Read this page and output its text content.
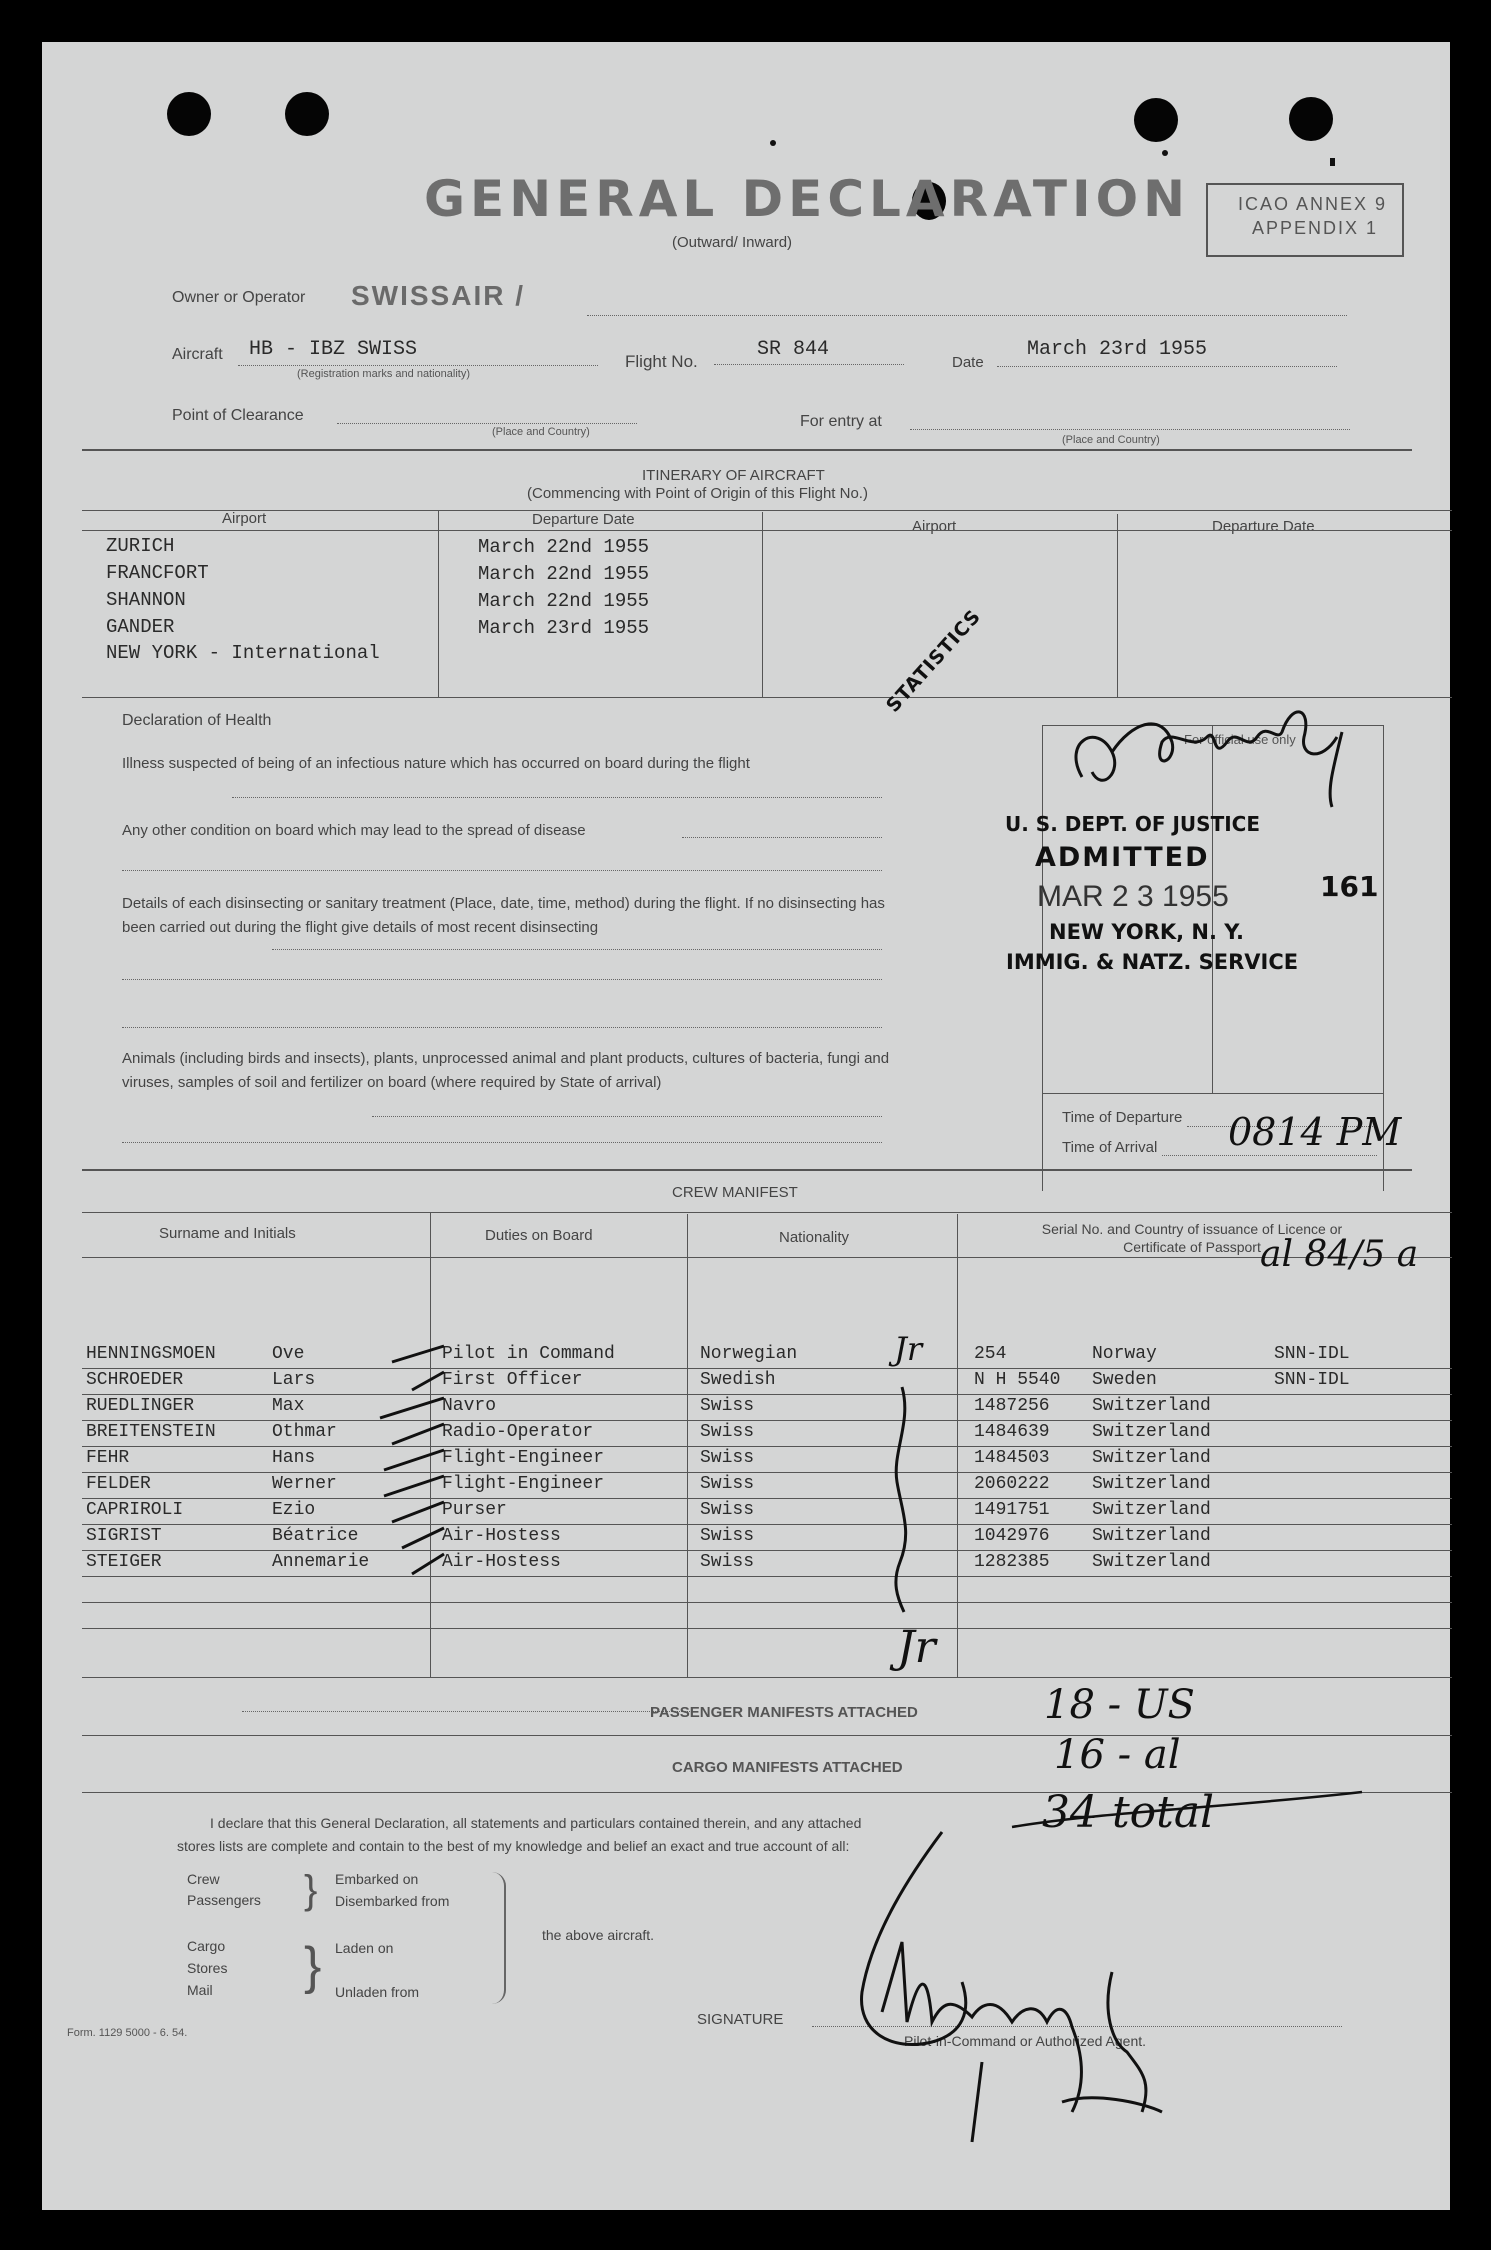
GENERAL DECLARATION
(Outward/ Inward)
ICAO ANNEX 9
APPENDIX 1
Owner or Operator SWISSAIR /
Aircraft HB - IBZ SWISS
(Registration marks and nationality)
Flight No.
SR 844
Date
March 23rd 1955
Point of Clearance
(Place and Country)
For entry at
(Place and Country)
ITINERARY OF AIRCRAFT
(Commencing with Point of Origin of this Flight No.)
Airport	Departure Date	Airport	Departure Date
ZURICH	March 22nd 1955
FRANCFORT	March 22nd 1955
SHANNON	March 22nd 1955
GANDER	March 23rd 1955
NEW YORK - International	STATISTICS
Declaration of Health
Illness suspected of being of an infectious nature which has occurred on board during the flight
Any other condition on board which may lead to the spread of disease
Details of each disinsecting or sanitary treatment (Place, date, time, method) during the flight. If no disinsecting has been carried out during the flight give details of most recent disinsecting
Animals (including birds and insects), plants, unprocessed animal and plant products, cultures of bacteria, fungi and viruses, samples of soil and fertilizer on board (where required by State of arrival)
For official use only
Time of Departure
Time of Arrival 0814 PM
U. S. DEPT. OF JUSTICE
ADMITTED
MAR 2 3 1955
NEW YORK, N. Y.
IMMIG. & NATZ. SERVICE
161
CREW MANIFEST
Surname and Initials	Duties on Board	Nationality	Serial No. and Country of issuance of Licence or Certificate of Passport
HENNINGSMOEN	Ove	Pilot in Command	Norwegian	254	Norway	SNN-IDL
SCHROEDER	Lars	First Officer	Swedish	N H 5540 Sweden	SNN-IDL
RUEDLINGER	Max	Navro	Swiss	1487256 Switzerland
BREITENSTEIN	Othmar	Radio-Operator	Swiss	1484639 Switzerland
FEHR	Hans	Flight-Engineer	Swiss	1484503 Switzerland
FELDER	Werner	Flight-Engineer	Swiss	2060222 Switzerland
CAPRIROLI	Ezio	Purser	Swiss	1491751 Switzerland
SIGRIST	Béatrice	Air-Hostess	Swiss	1042976 Switzerland
STEIGER	Annemarie	Air-Hostess	Swiss	1282385 Switzerland
Jr
Jr
al 84/5 a
PASSENGER MANIFESTS ATTACHED	18 - US
CARGO MANIFESTS ATTACHED	16 - al
34 total
I declare that this General Declaration, all statements and particulars contained therein, and any attached
stores lists are complete and contain to the best of my knowledge and belief an exact and true account of all:
Crew
Passengers
Cargo
Stores
Mail
}
}
Embarked on
Disembarked from
Laden on
Unladen from
the above aircraft.
SIGNATURE
Pilot-in-Command or Authorized Agent.
Form. 1129 5000 - 6. 54.
